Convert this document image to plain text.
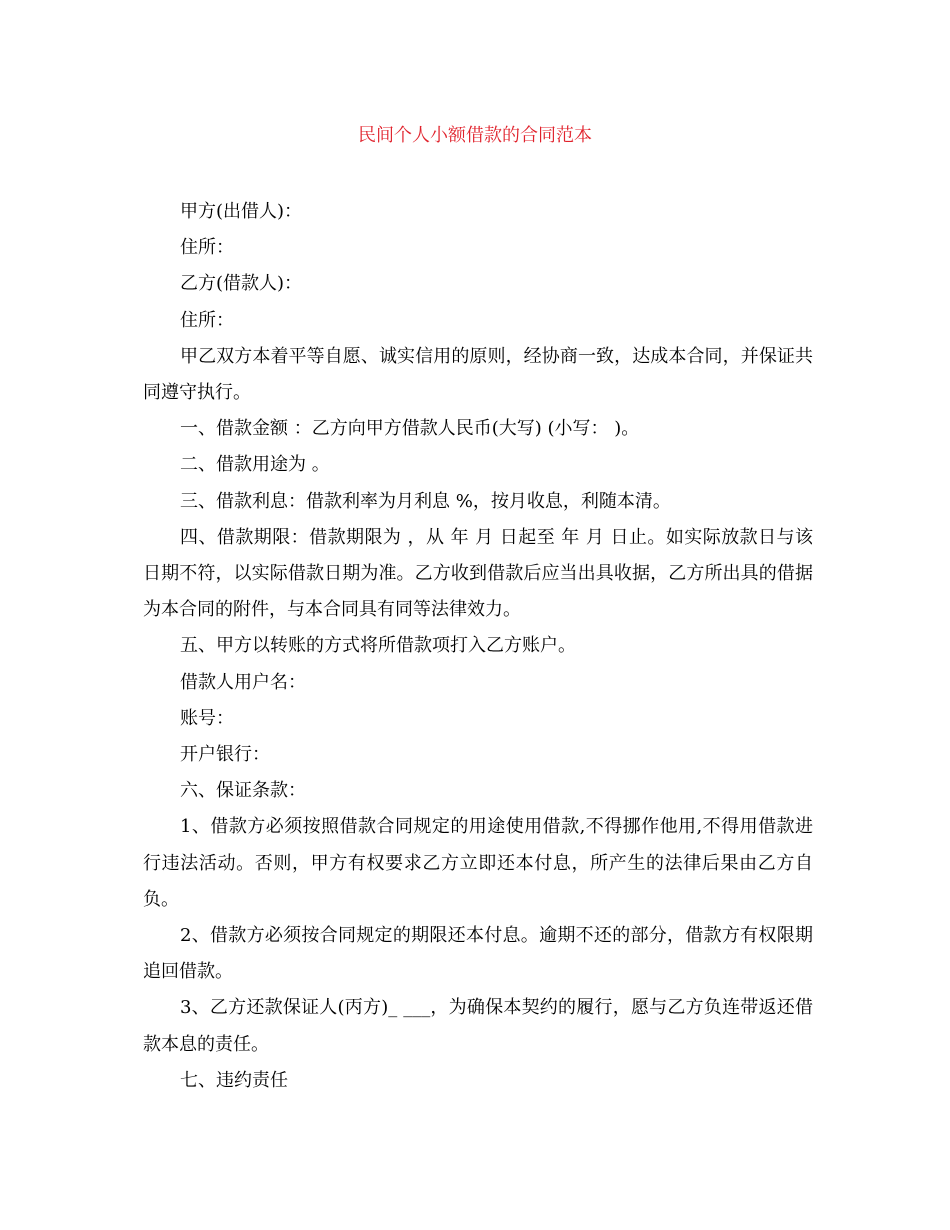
民间个人小额借款的合同范本

甲方(出借人)：

住所：

乙方(借款人)：

住所：

甲乙双方本着平等自愿、诚实信用的原则，经协商一致，达成本合同，并保证共同遵守执行。

一、借款金额 ：乙方向甲方借款人民币(大写) (小写： )。

二、借款用途为 。

三、借款利息：借款利率为月利息 %，按月收息，利随本清。

四、借款期限：借款期限为 ，从 年 月 日起至 年 月 日止。如实际放款日与该日期不符，以实际借款日期为准。乙方收到借款后应当出具收据，乙方所出具的借据为本合同的附件，与本合同具有同等法律效力。

五、甲方以转账的方式将所借款项打入乙方账户。

借款人用户名：

账号：

开户银行：

六、保证条款：

1、借款方必须按照借款合同规定的用途使用借款,不得挪作他用,不得用借款进行违法活动。否则，甲方有权要求乙方立即还本付息，所产生的法律后果由乙方自负。

2、借款方必须按合同规定的期限还本付息。逾期不还的部分，借款方有权限期追回借款。

3、乙方还款保证人(丙方)_ ___，为确保本契约的履行，愿与乙方负连带返还借款本息的责任。

七、违约责任
